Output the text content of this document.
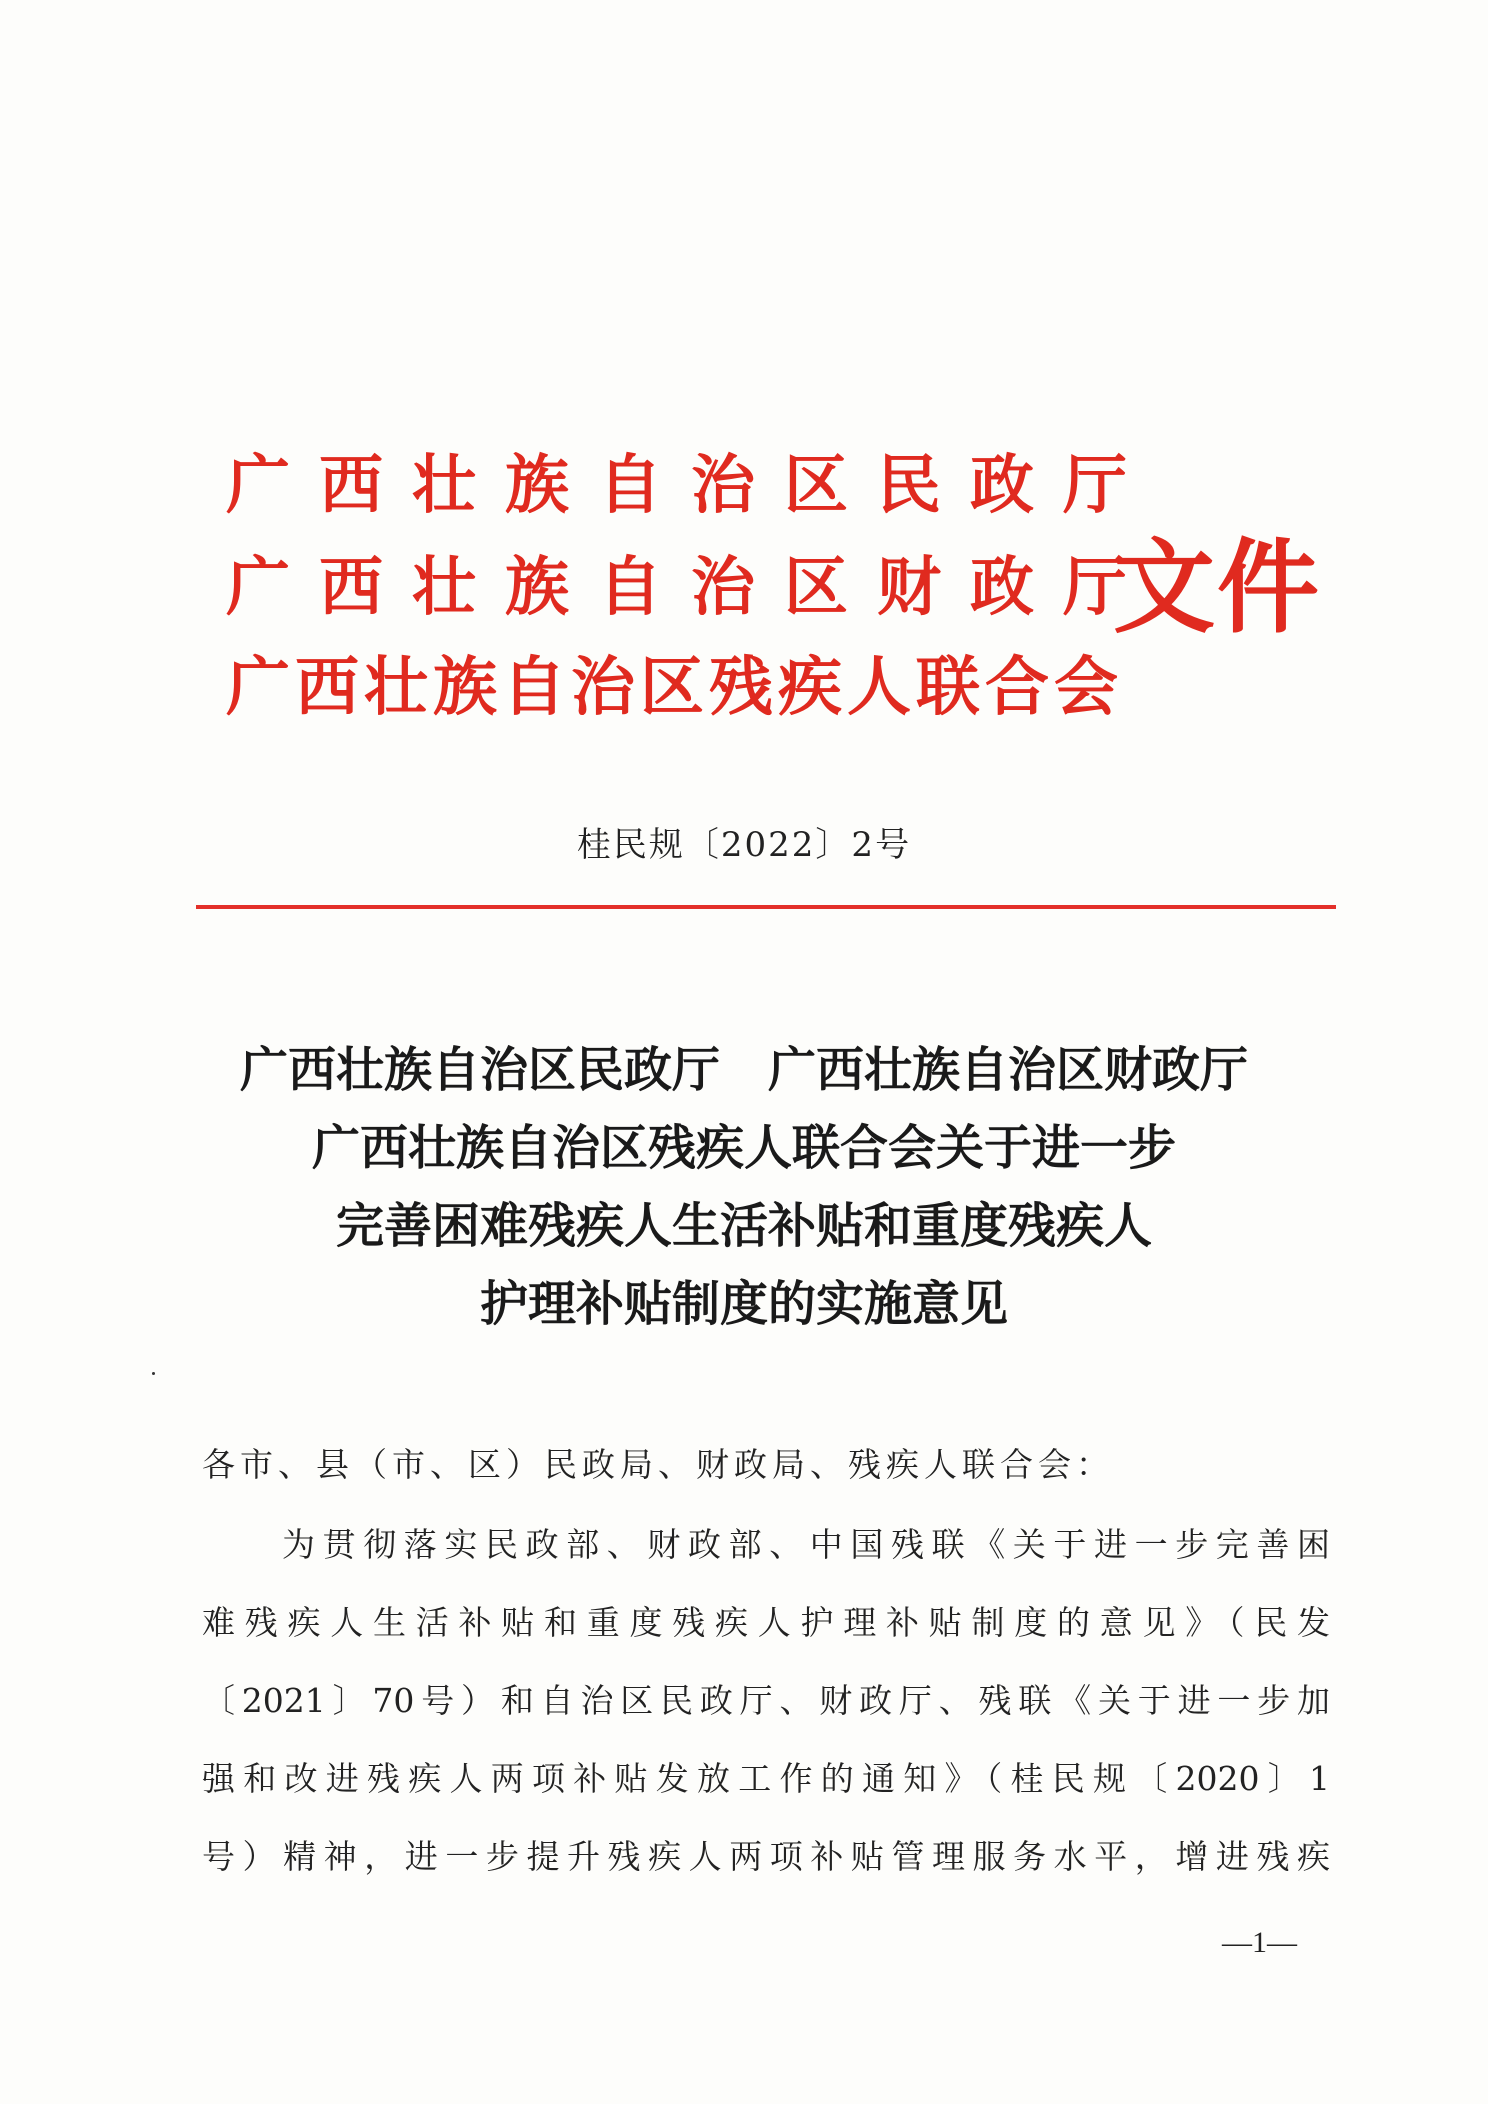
广西壮族自治区民政厅
广西壮族自治区财政厅
广西壮族自治区残疾人联合会
文件
桂民规〔2022〕2号
广西壮族自治区民政厅　广西壮族自治区财政厅
广西壮族自治区残疾人联合会关于进一步
完善困难残疾人生活补贴和重度残疾人
护理补贴制度的实施意见
各市、县（市、区）民政局、财政局、残疾人联合会：
为贯彻落实民政部、财政部、中国残联《关于进一步完善困
难残疾人生活补贴和重度残疾人护理补贴制度的意见》（民发
〔2021〕70号）和自治区民政厅、财政厅、残联《关于进一步加
强和改进残疾人两项补贴发放工作的通知》（桂民规〔2020〕1
号）精神，进一步提升残疾人两项补贴管理服务水平，增进残疾
—1—
